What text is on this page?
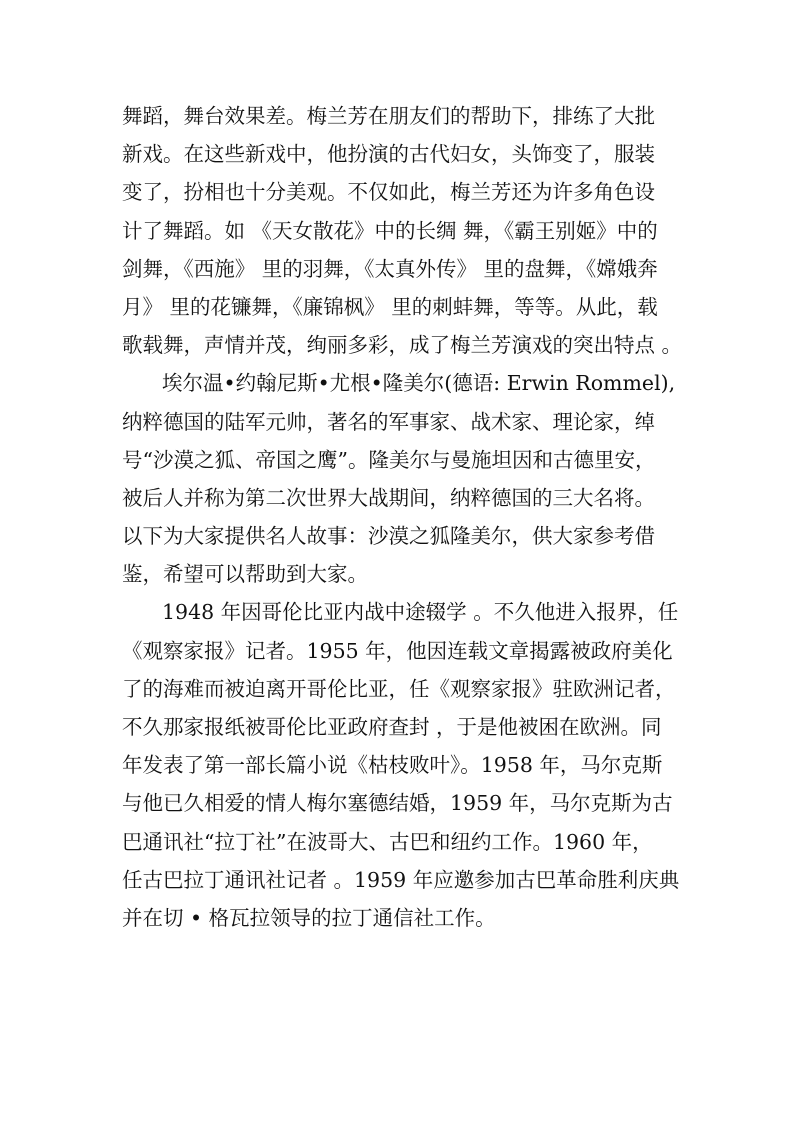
舞蹈，舞台效果差。梅兰芳在朋友们的帮助下，排练了大批
新戏。在这些新戏中，他扮演的古代妇女，头饰变了，服装
变了，扮相也十分美观。不仅如此，梅兰芳还为许多角色设
计了舞蹈。如 《天女散花》中的长绸 舞，《霸王别姬》中的
剑舞，《西施》 里的羽舞，《太真外传》 里的盘舞，《嫦娥奔
月》 里的花镰舞，《廉锦枫》 里的刺蚌舞，等等。从此，载
歌载舞，声情并茂，绚丽多彩，成了梅兰芳演戏的突出特点 。
埃尔温•约翰尼斯•尤根•隆美尔(德语: Erwin Rommel),
纳粹德国的陆军元帅，著名的军事家、战术家、理论家，绰
号“沙漠之狐、帝国之鹰”。隆美尔与曼施坦因和古德里安，
被后人并称为第二次世界大战期间，纳粹德国的三大名将。
以下为大家提供名人故事：沙漠之狐隆美尔，供大家参考借
鉴，希望可以帮助到大家。
1948 年因哥伦比亚内战中途辍学 。不久他进入报界，任
《观察家报》记者。1955 年，他因连载文章揭露被政府美化
了的海难而被迫离开哥伦比亚，任《观察家报》驻欧洲记者，
不久那家报纸被哥伦比亚政府查封 ，于是他被困在欧洲。同
年发表了第一部长篇小说《枯枝败叶》。1958 年，马尔克斯
与他已久相爱的情人梅尔塞德结婚，1959 年，马尔克斯为古
巴通讯社“拉丁社”在波哥大、古巴和纽约工作。1960 年，
任古巴拉丁通讯社记者 。1959 年应邀参加古巴革命胜利庆典
并在切 • 格瓦拉领导的拉丁通信社工作。
